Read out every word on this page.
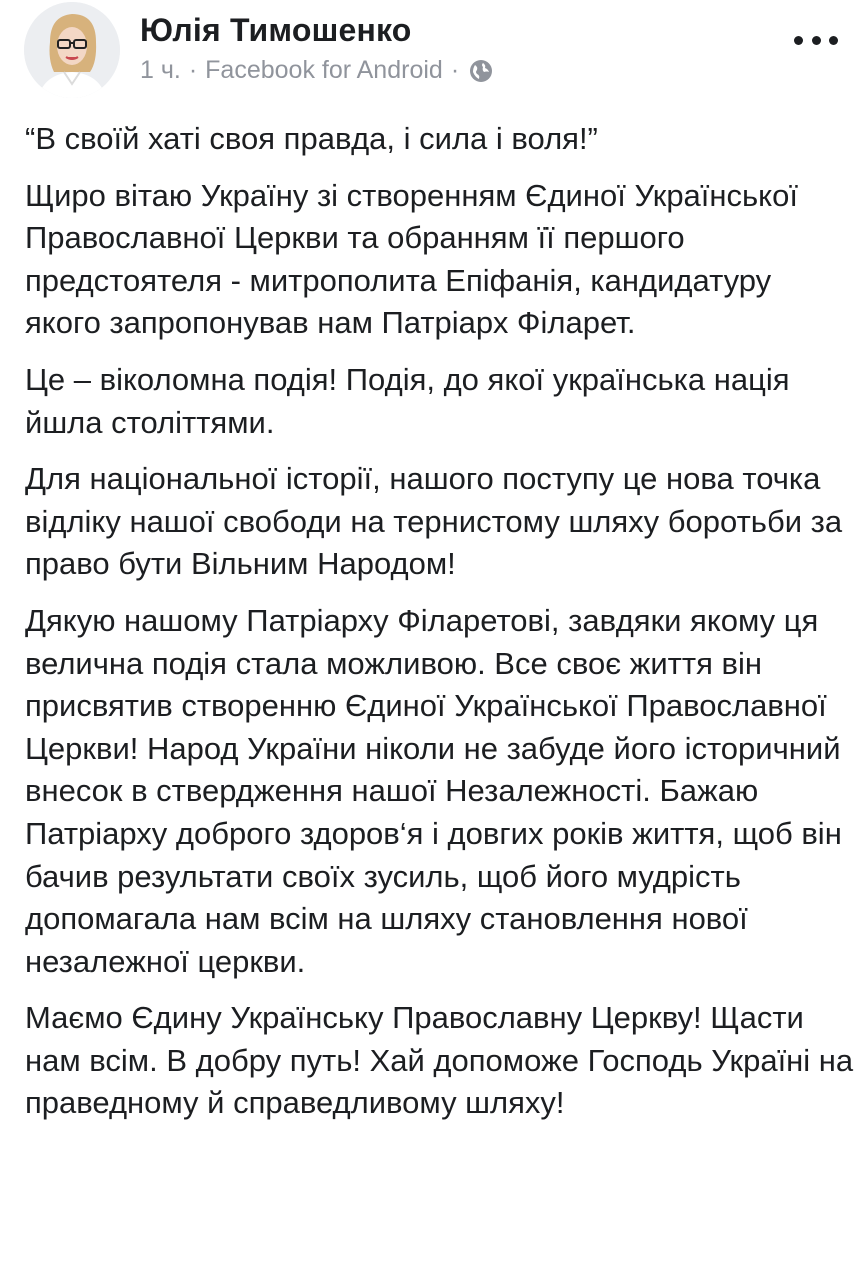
Юлія Тимошенко
1 ч. · Facebook for Android ·

“В своїй хаті своя правда, і сила і воля!”

Щиро вітаю Україну зі створенням Єдиної Української Православної Церкви та обранням її першого предстоятеля - митрополита Епіфанія, кандидатуру якого запропонував нам Патріарх Філарет.

Це – віколомна подія! Подія, до якої українська нація йшла століттями.

Для національної історії, нашого поступу це нова точка відліку нашої свободи на тернистому шляху боротьби за право бути Вільним Народом!

Дякую нашому Патріарху Філаретові, завдяки якому ця велична подія стала можливою. Все своє життя він присвятив створенню Єдиної Української Православної Церкви! Народ України ніколи не забуде його історичний внесок в ствердження нашої Незалежності. Бажаю Патріарху доброго здоров‘я і довгих років життя, щоб він бачив результати своїх зусиль, щоб його мудрість допомагала нам всім на шляху становлення нової незалежної церкви.

Маємо Єдину Українську Православну Церкву! Щасти нам всім. В добру путь! Хай допоможе Господь Україні на праведному й справедливому шляху!
